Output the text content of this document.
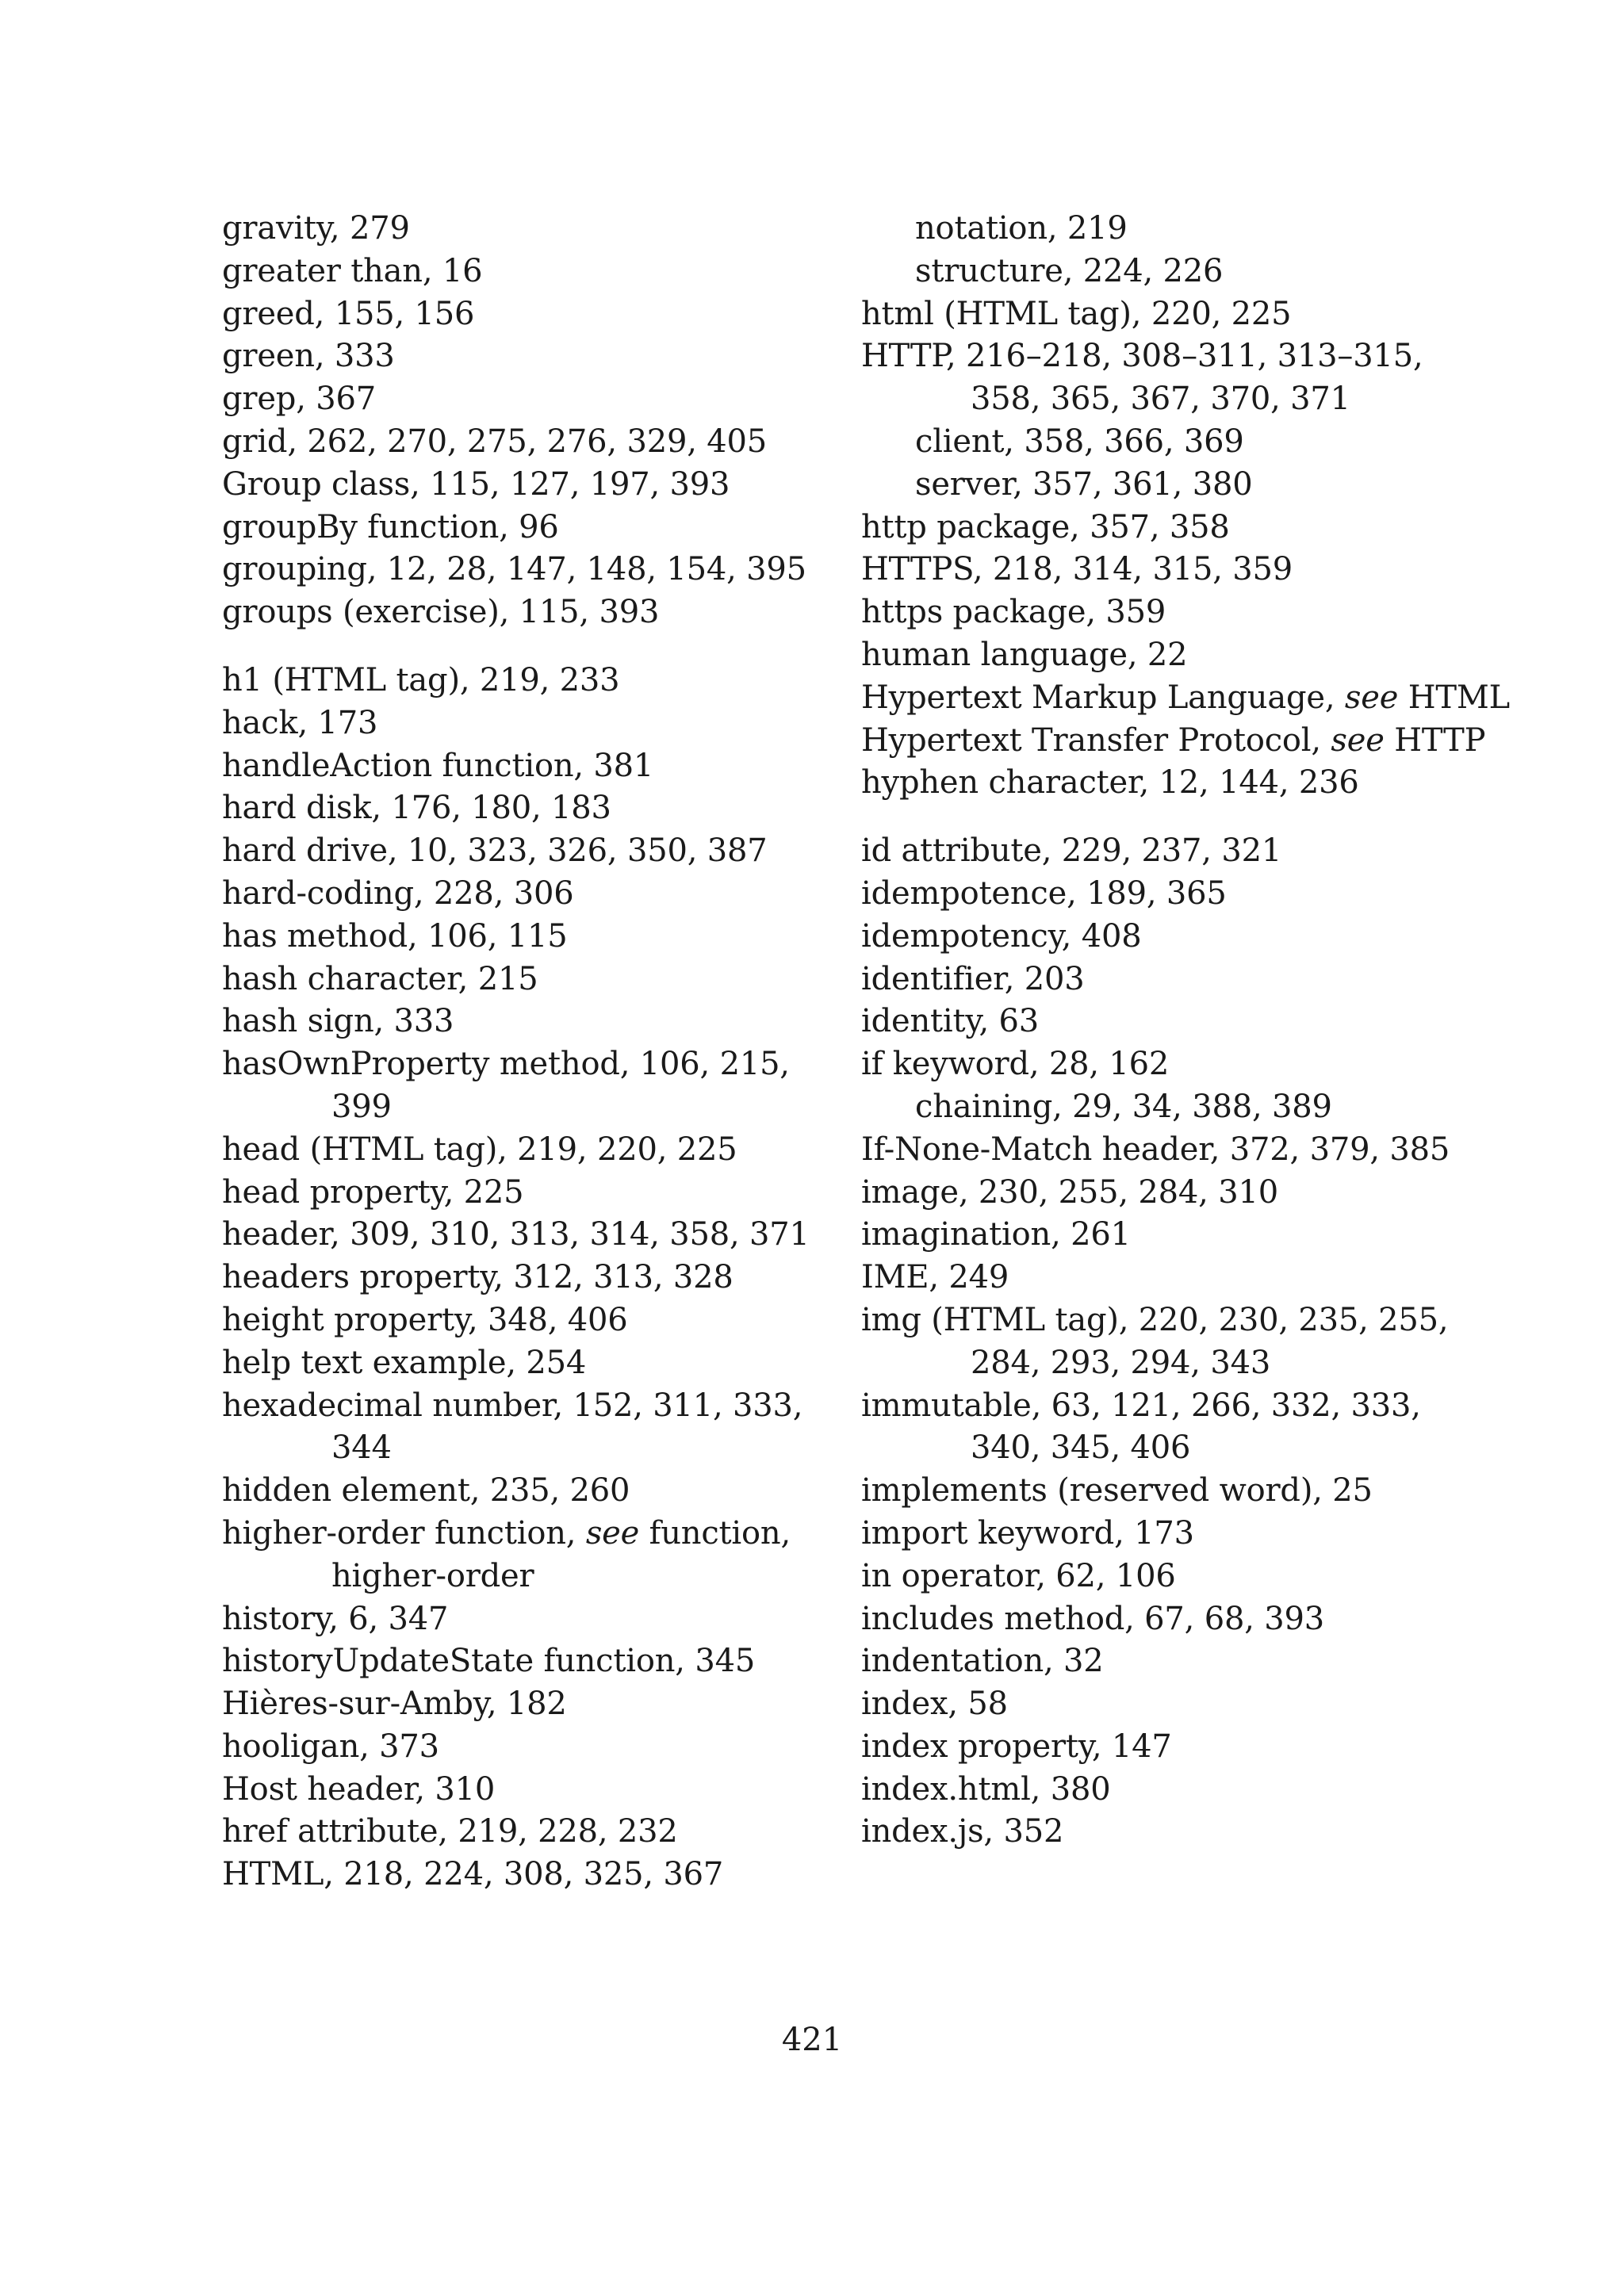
gravity, 279
greater than, 16
greed, 155, 156
green, 333
grep, 367
grid, 262, 270, 275, 276, 329, 405
Group class, 115, 127, 197, 393
groupBy function, 96
grouping, 12, 28, 147, 148, 154, 395
groups (exercise), 115, 393
h1 (HTML tag), 219, 233
hack, 173
handleAction function, 381
hard disk, 176, 180, 183
hard drive, 10, 323, 326, 350, 387
hard-coding, 228, 306
has method, 106, 115
hash character, 215
hash sign, 333
hasOwnProperty method, 106, 215,
399
head (HTML tag), 219, 220, 225
head property, 225
header, 309, 310, 313, 314, 358, 371
headers property, 312, 313, 328
height property, 348, 406
help text example, 254
hexadecimal number, 152, 311, 333,
344
hidden element, 235, 260
higher-order function, see function,
higher-order
history, 6, 347
historyUpdateState function, 345
Hières-sur-Amby, 182
hooligan, 373
Host header, 310
href attribute, 219, 228, 232
HTML, 218, 224, 308, 325, 367
notation, 219
structure, 224, 226
html (HTML tag), 220, 225
HTTP, 216–218, 308–311, 313–315,
358, 365, 367, 370, 371
client, 358, 366, 369
server, 357, 361, 380
http package, 357, 358
HTTPS, 218, 314, 315, 359
https package, 359
human language, 22
Hypertext Markup Language, see HTML
Hypertext Transfer Protocol, see HTTP
hyphen character, 12, 144, 236
id attribute, 229, 237, 321
idempotence, 189, 365
idempotency, 408
identifier, 203
identity, 63
if keyword, 28, 162
chaining, 29, 34, 388, 389
If-None-Match header, 372, 379, 385
image, 230, 255, 284, 310
imagination, 261
IME, 249
img (HTML tag), 220, 230, 235, 255,
284, 293, 294, 343
immutable, 63, 121, 266, 332, 333,
340, 345, 406
implements (reserved word), 25
import keyword, 173
in operator, 62, 106
includes method, 67, 68, 393
indentation, 32
index, 58
index property, 147
index.html, 380
index.js, 352
421
